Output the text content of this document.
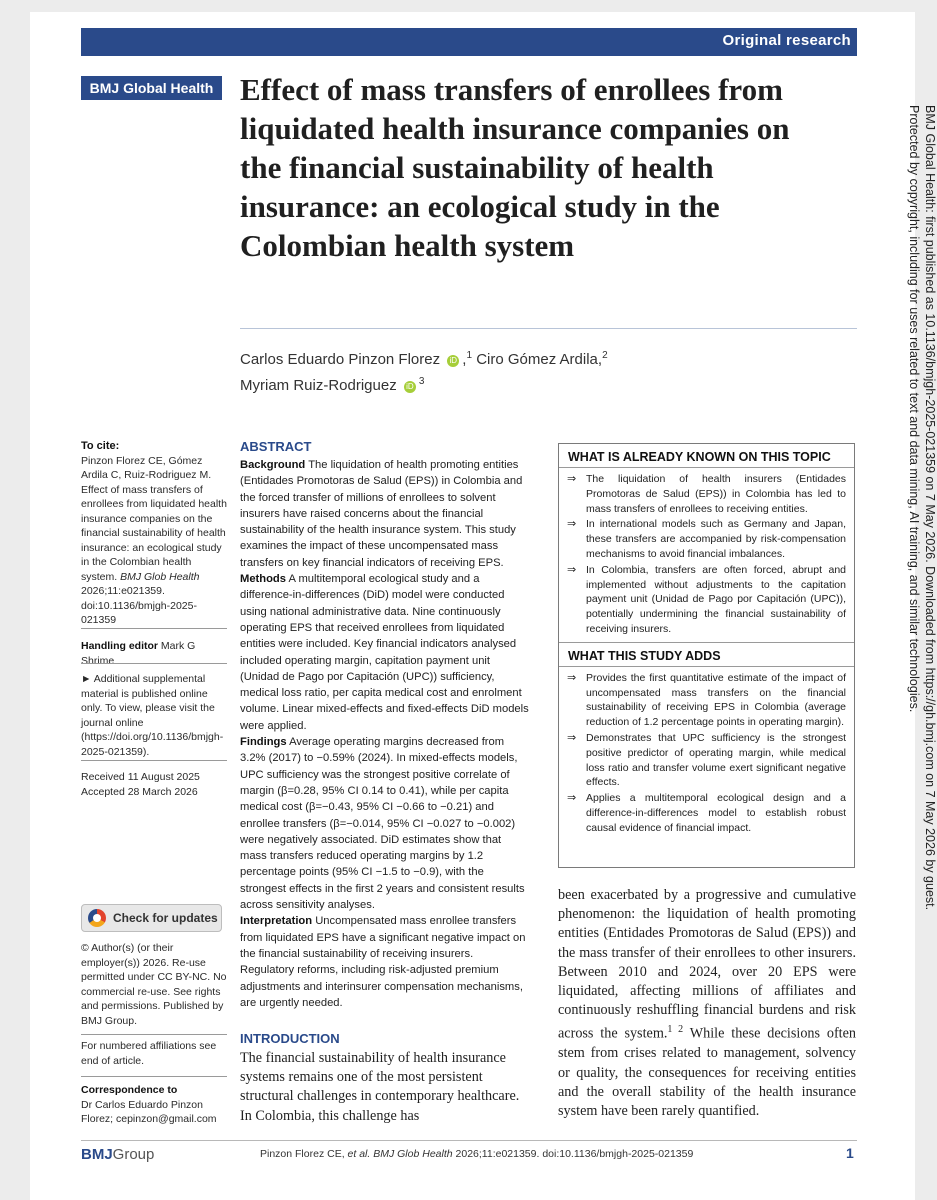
Original research
BMJ Global Health Effect of mass transfers of enrollees from liquidated health insurance companies on the financial sustainability of health insurance: an ecological study in the Colombian health system
Carlos Eduardo Pinzon Florez iD ,$^1$ Ciro Gómez Ardila,$^2$
Myriam Ruiz-Rodriguez iD $^3$	BMJ Global Health: first published as 10.1136/bmjgh-2025-021359 on 7 May 2026. Downloaded from https://gh.bmj.com on 7 May 2026 by guest.
Protected by copyright, including for uses related to text and data mining, AI training, and similar technologies.
To cite:
Pinzon Florez CE, Gómez Ardila C, Ruiz-Rodriguez M. Effect of mass transfers of enrollees from liquidated health insurance companies on the financial sustainability of health insurance: an ecological study in the Colombian health system. BMJ Glob Health 2026;11:e021359. doi:10.1136/bmjgh-2025-021359
Handling editor Mark G Shrime
► Additional supplemental material is published online only. To view, please visit the journal online (https://doi.org/10.1136/bmjgh-2025-021359).
Received 11 August 2025
Accepted 28 March 2026
Check for updates
© Author(s) (or their employer(s)) 2026. Re-use permitted under CC BY-NC. No commercial re-use. See rights and permissions. Published by BMJ Group.
For numbered affiliations see end of article.
Correspondence to
Dr Carlos Eduardo Pinzon Florez; cepinzon@gmail.com
ABSTRACT
Background The liquidation of health promoting entities (Entidades Promotoras de Salud (EPS)) in Colombia and the forced transfer of millions of enrollees to solvent insurers have raised concerns about the financial sustainability of the health insurance system. This study examines the impact of these uncompensated mass transfers on key financial indicators of receiving EPS.
Methods A multitemporal ecological study and a difference-in-differences (DiD) model were conducted using national administrative data. Nine continuously operating EPS that received enrollees from liquidated entities were included. Key financial indicators analysed included operating margin, capitation payment unit (Unidad de Pago por Capitación (UPC)) sufficiency, medical loss ratio, per capita medical cost and enrolment volume. Linear mixed-effects and fixed-effects DiD models were applied.
Findings Average operating margins decreased from 3.2% (2017) to −0.59% (2024). In mixed-effects models, UPC sufficiency was the strongest positive correlate of margin (β=0.28, 95% CI 0.14 to 0.41), while per capita medical cost (β=−0.43, 95% CI −0.66 to −0.21) and enrollee transfers (β=−0.014, 95% CI −0.027 to −0.002) were negatively associated. DiD estimates show that mass transfers reduced operating margins by 1.2 percentage points (95% CI −1.5 to −0.9), with the strongest effects in the first 2 years and consistent results across sensitivity analyses.
Interpretation Uncompensated mass enrollee transfers from liquidated EPS have a significant negative impact on the financial sustainability of receiving insurers. Regulatory reforms, including risk-adjusted premium adjustments and interinsurer compensation mechanisms, are urgently needed.
INTRODUCTION
The financial sustainability of health insurance systems remains one of the most persistent structural challenges in contemporary healthcare. In Colombia, this challenge has
WHAT IS ALREADY KNOWN ON THIS TOPIC
⇒ The liquidation of health insurers (Entidades Promotoras de Salud (EPS)) in Colombia has led to mass transfers of enrollees to receiving entities.
⇒ In international models such as Germany and Japan, these transfers are accompanied by risk-compensation mechanisms to avoid financial imbalances.
⇒ In Colombia, transfers are often forced, abrupt and implemented without adjustments to the capitation payment unit (Unidad de Pago por Capitación (UPC)), potentially undermining the financial sustainability of receiving insurers.
WHAT THIS STUDY ADDS
⇒ Provides the first quantitative estimate of the impact of uncompensated mass transfers on the financial sustainability of receiving EPS in Colombia (average reduction of 1.2 percentage points in operating margin).
⇒ Demonstrates that UPC sufficiency is the strongest positive predictor of operating margin, while medical loss ratio and transfer volume exert significant negative effects.
⇒ Applies a multitemporal ecological design and a difference-in-differences model to establish robust causal evidence of financial impact.
been exacerbated by a progressive and cumulative phenomenon: the liquidation of health promoting entities (Entidades Promotoras de Salud (EPS)) and the mass transfer of their enrollees to other insurers. Between 2010 and 2024, over 20 EPS were liquidated, affecting millions of affiliates and continuously reshuffling financial burdens and risk across the system.$^{1 2}$ While these decisions often stem from crises related to management, solvency or quality, the consequences for receiving entities and the overall stability of the health insurance system have been rarely quantified.
BMJGroup	Pinzon Florez CE, et al. BMJ Glob Health 2026;11:e021359. doi:10.1136/bmjgh-2025-021359	1
